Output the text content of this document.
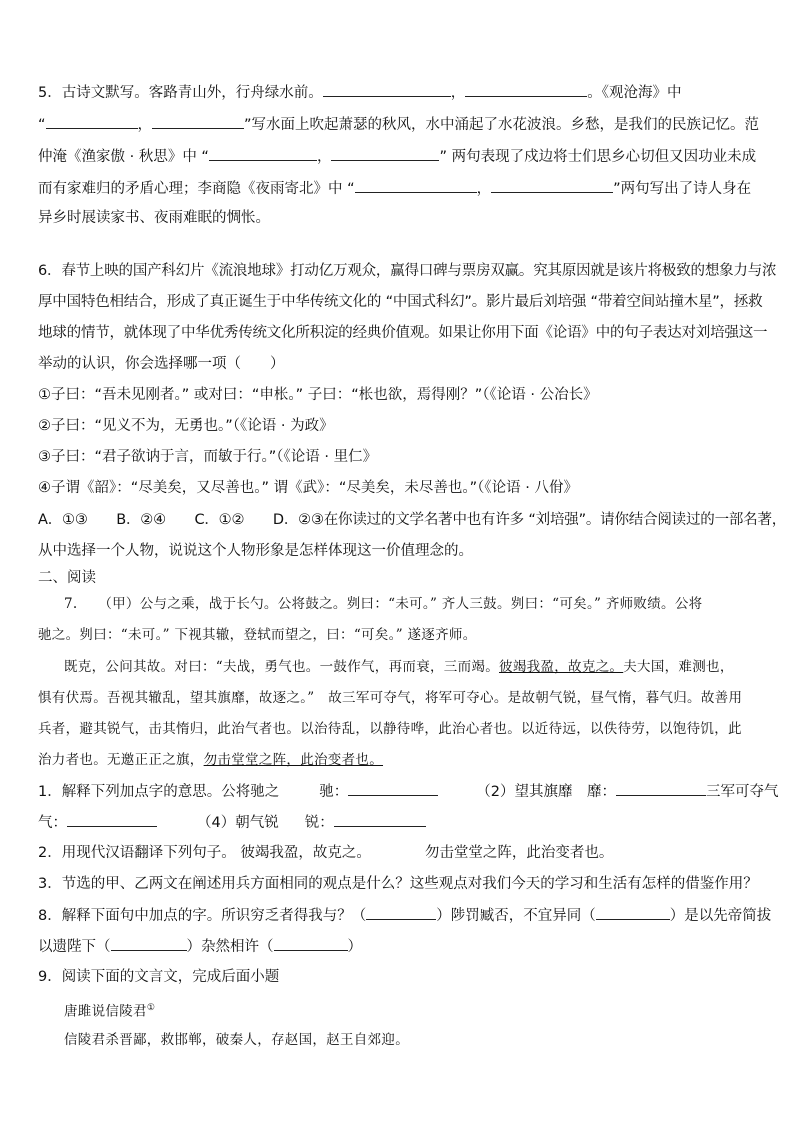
5．古诗文默写。客路青山外，行舟绿水前。	，	。《观沧海》中
“	，	”写水面上吹起萧瑟的秋风，水中涌起了水花波浪。乡愁，是我们的民族记忆。范
仲淹《渔家傲 · 秋思》中 “	，	” 两句表现了戍边将士们思乡心切但又因功业未成
而有家难归的矛盾心理；李商隐《夜雨寄北》中 “	，	”两句写出了诗人身在
异乡时展读家书、夜雨难眠的惆怅。
6．春节上映的国产科幻片《流浪地球》打动亿万观众，赢得口碑与票房双赢。究其原因就是该片将极致的想象力与浓
厚中国特色相结合，形成了真正诞生于中华传统文化的 “中国式科幻”。影片最后刘培强 “带着空间站撞木星”，拯救
地球的情节，就体现了中华优秀传统文化所积淀的经典价值观。如果让你用下面《论语》中的句子表达对刘培强这一
举动的认识，你会选择哪一项（　　）
①子曰：“吾未见刚者。” 或对曰：“申枨。” 子曰：“枨也欲，焉得刚？”（《论语 · 公冶长》
②子曰：“见义不为，无勇也。”（《论语 · 为政》
③子曰：“君子欲讷于言，而敏于行。”（《论语 · 里仁》
④子谓《韶》：“尽美矣，又尽善也。” 谓《武》：“尽美矣，未尽善也。”（《论语 · 八佾》
A．①③　　B．②④　　C．①②　　D．②③在你读过的文学名著中也有许多 “刘培强”。请你结合阅读过的一部名著，
从中选择一个人物，说说这个人物形象是怎样体现这一价值理念的。
二、阅读
7.　　（甲）公与之乘，战于长勺。公将鼓之。刿曰：“未可。” 齐人三鼓。刿曰：“可矣。” 齐师败绩。公将
驰之。刿曰：“未可。” 下视其辙，登轼而望之，曰：“可矣。” 遂逐齐师。
既克，公问其故。对曰：“夫战，勇气也。一鼓作气，再而衰，三而竭。彼竭我盈，故克之。夫大国，难测也，
惧有伏焉。吾视其辙乱，望其旗靡，故逐之。”　故三军可夺气，将军可夺心。是故朝气锐，昼气惰，暮气归。故善用
兵者，避其锐气，击其惰归，此治气者也。以治待乱，以静待哗，此治心者也。以近待远，以佚待劳，以饱待饥，此
治力者也。无邀正正之旗，勿击堂堂之阵，此治变者也。
1．解释下列加点字的意思。公将驰之	驰：	（2）望其旗靡　靡：	三军可夺气
气：	（4）朝气锐 锐：
2．用现代汉语翻译下列句子。 彼竭我盈，故克之。	勿击堂堂之阵，此治变者也。
3．节选的甲、乙两文在阐述用兵方面相同的观点是什么？这些观点对我们今天的学习和生活有怎样的借鉴作用？
8．解释下面句中加点的字。所识穷乏者得我与？（	）陟罚臧否，不宜异同（	）是以先帝简拔
以遗陛下（	）杂然相许（	）
9．阅读下面的文言文，完成后面小题
唐雎说信陵君①
信陵君杀晋鄙，救邯郸，破秦人，存赵国，赵王自郊迎。
